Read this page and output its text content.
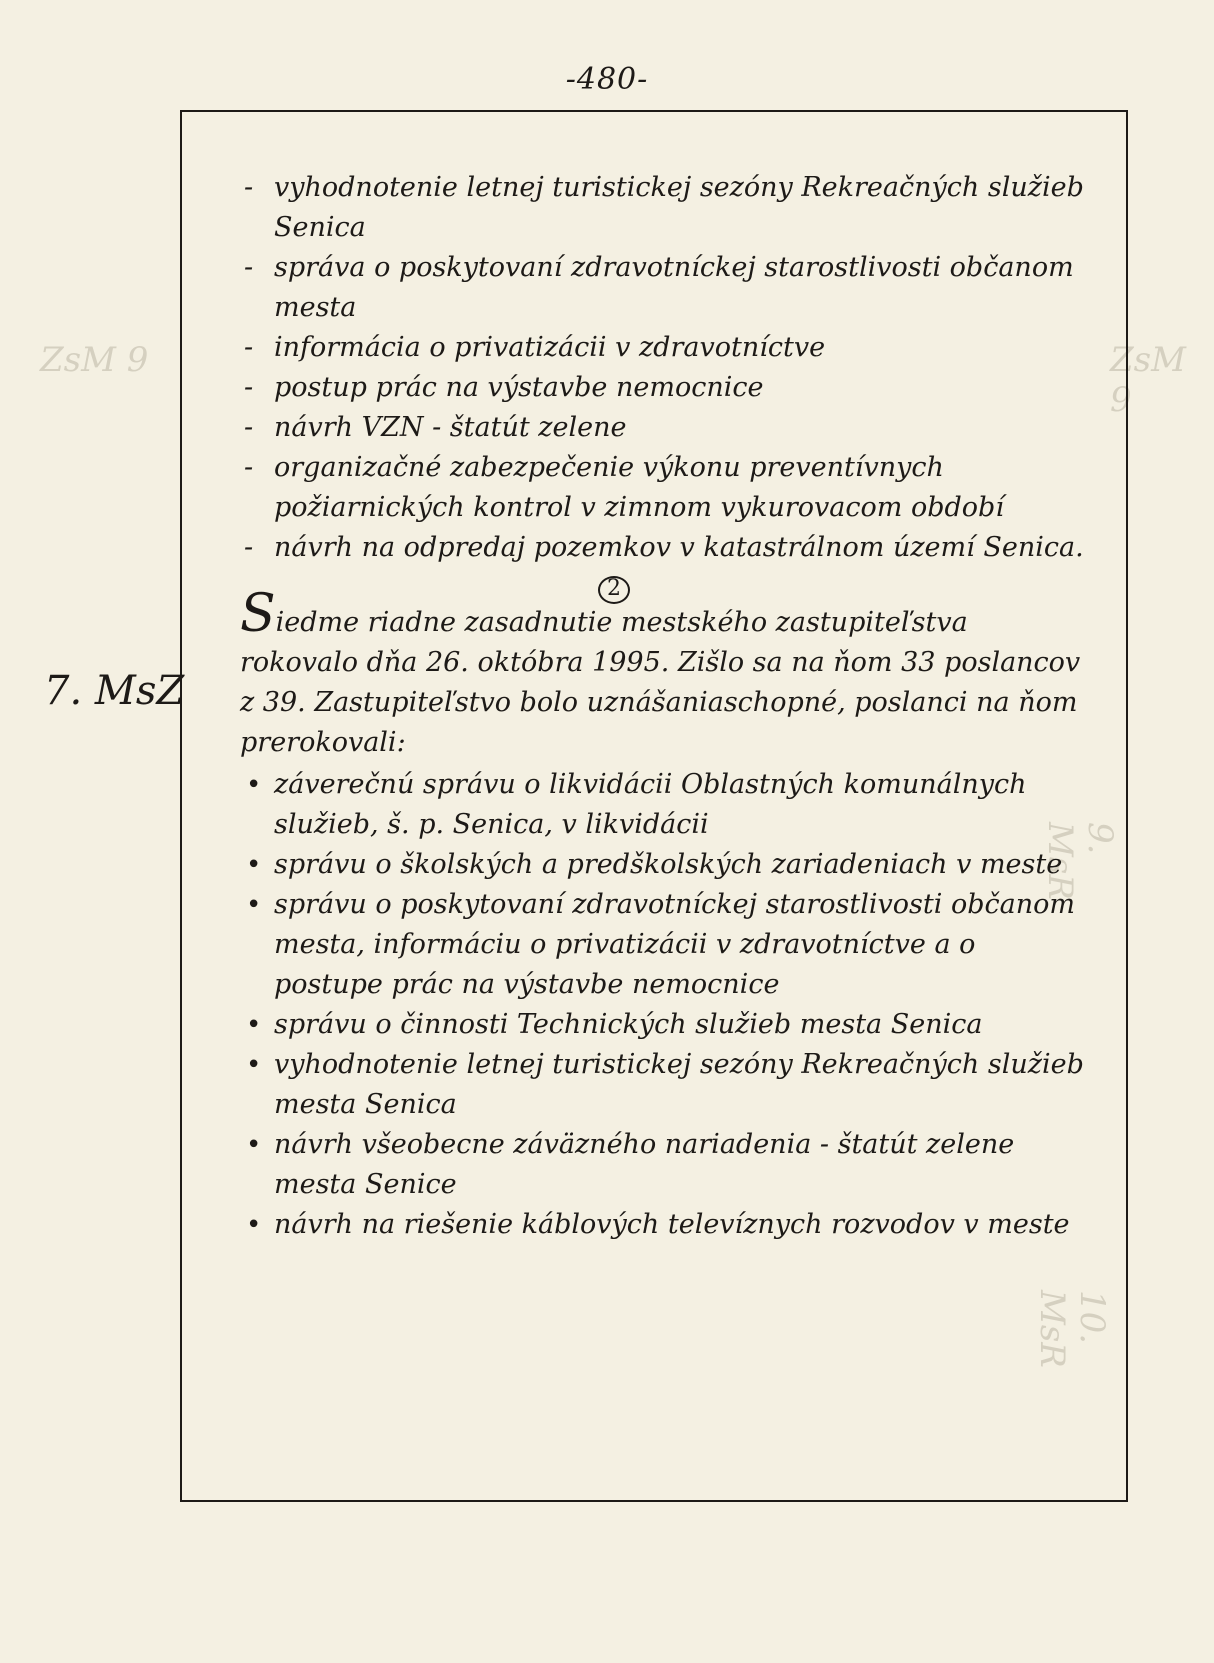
-480-
ZsM 9
9. MsR
10. MsR
ZsM 9
7. MsZ
- vyhodnotenie letnej turistickej sezóny Rekreačných služieb Senica
- správa o poskytovaní zdravotníckej starostlivosti občanom mesta
- informácia o privatizácii v zdravotníctve
- postup prác na výstavbe nemocnice
- návrh VZN - štatút zelene
- organizačné zabezpečenie výkonu preventívnych požiarnických kontrol v zimnom vykurovacom období
- návrh na odpredaj pozemkov v katastrálnom území Senica.
2
Siedme riadne zasadnutie mestského zastupiteľstva rokovalo dňa 26. októbra 1995. Zišlo sa na ňom 33 poslancov z 39. Zastupiteľstvo bolo uznášaniaschopné, poslanci na ňom prerokovali:
• záverečnú správu o likvidácii Oblastných komunálnych služieb, š. p. Senica, v likvidácii
• správu o školských a predškolských zariadeniach v meste
• správu o poskytovaní zdravotníckej starostlivosti občanom mesta, informáciu o privatizácii v zdravotníctve a o postupe prác na výstavbe nemocnice
• správu o činnosti Technických služieb mesta Senica
• vyhodnotenie letnej turistickej sezóny Rekreačných služieb mesta Senica
• návrh všeobecne záväzného nariadenia - štatút zelene mesta Senice
• návrh na riešenie káblových televíznych rozvodov v meste
